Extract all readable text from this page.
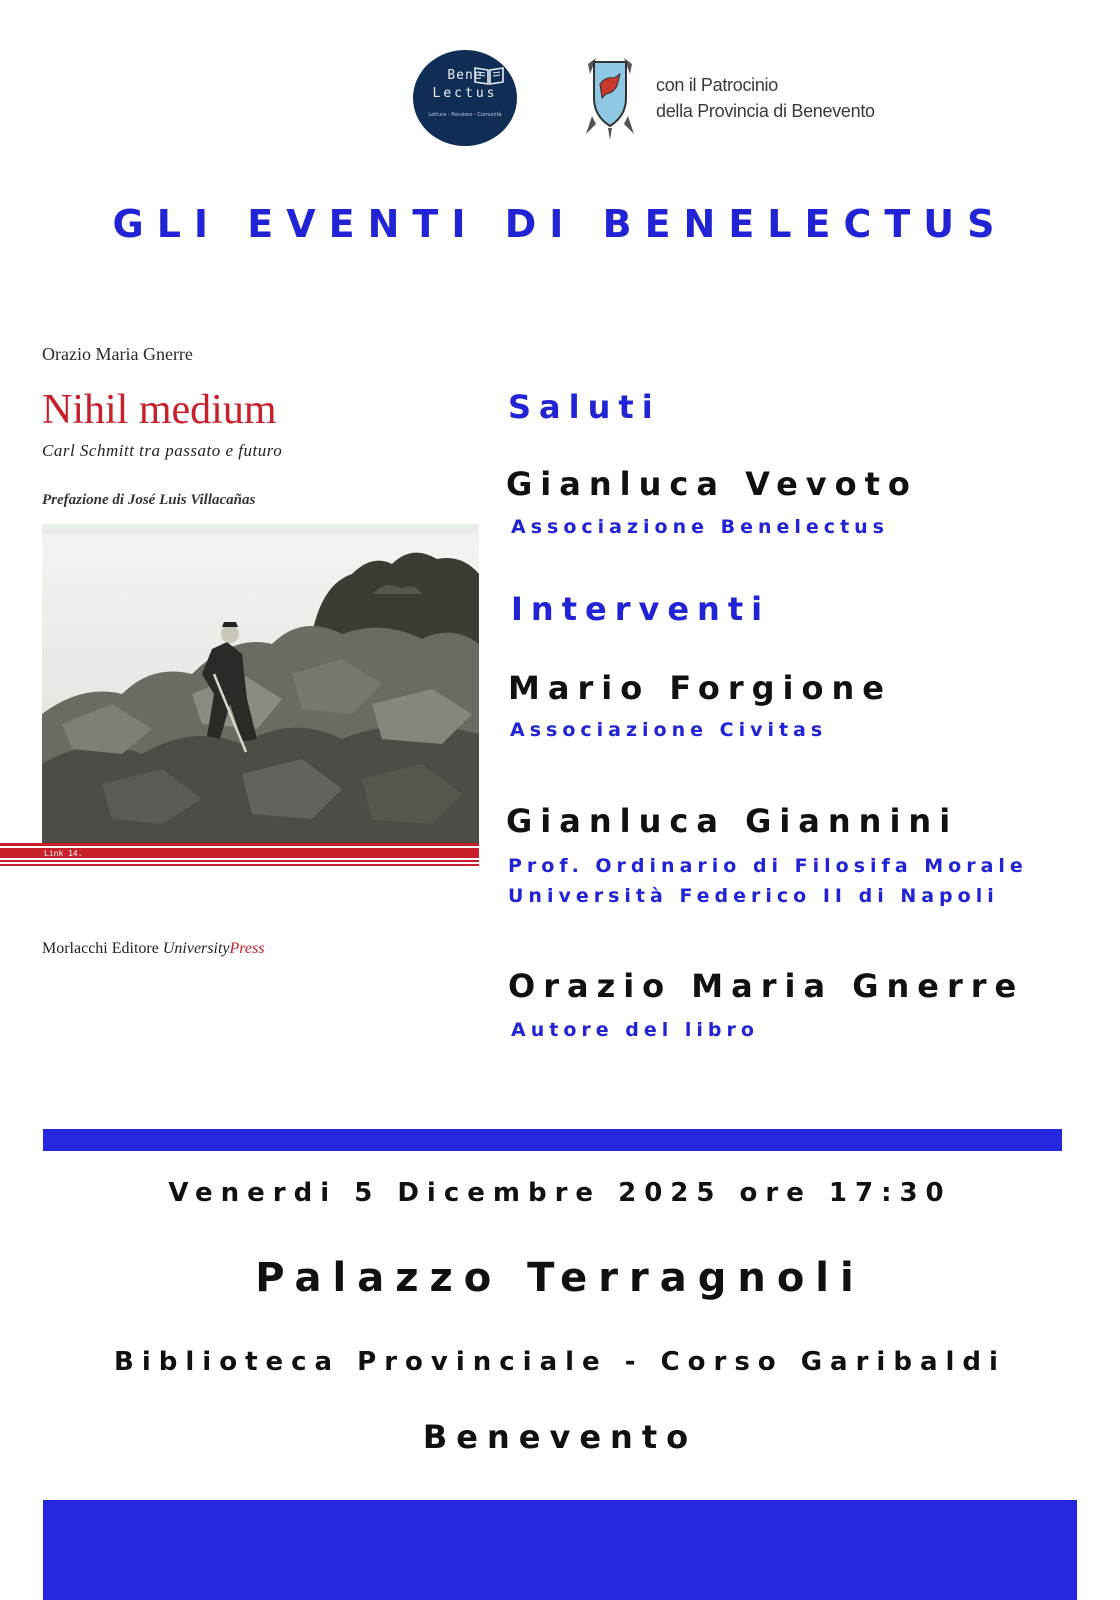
Bene
Lectus
Letture - Pensiero - Comunità
con il Patrocinio
della Provincia di Benevento
GLI EVENTI DI BENELECTUS
Orazio Maria Gnerre
Nihil medium
Carl Schmitt tra passato e futuro
Prefazione di José Luis Villacañas
Link 14.
Morlacchi Editore UniversityPress
Saluti
Gianluca Vevoto
Associazione Benelectus
Interventi
Mario Forgione
Associazione Civitas
Gianluca Giannini
Prof. Ordinario di Filosifa Morale
Università Federico II di Napoli
Orazio Maria Gnerre
Autore del libro
Venerdi 5 Dicembre 2025 ore 17:30
Palazzo Terragnoli
Biblioteca Provinciale - Corso Garibaldi
Benevento
